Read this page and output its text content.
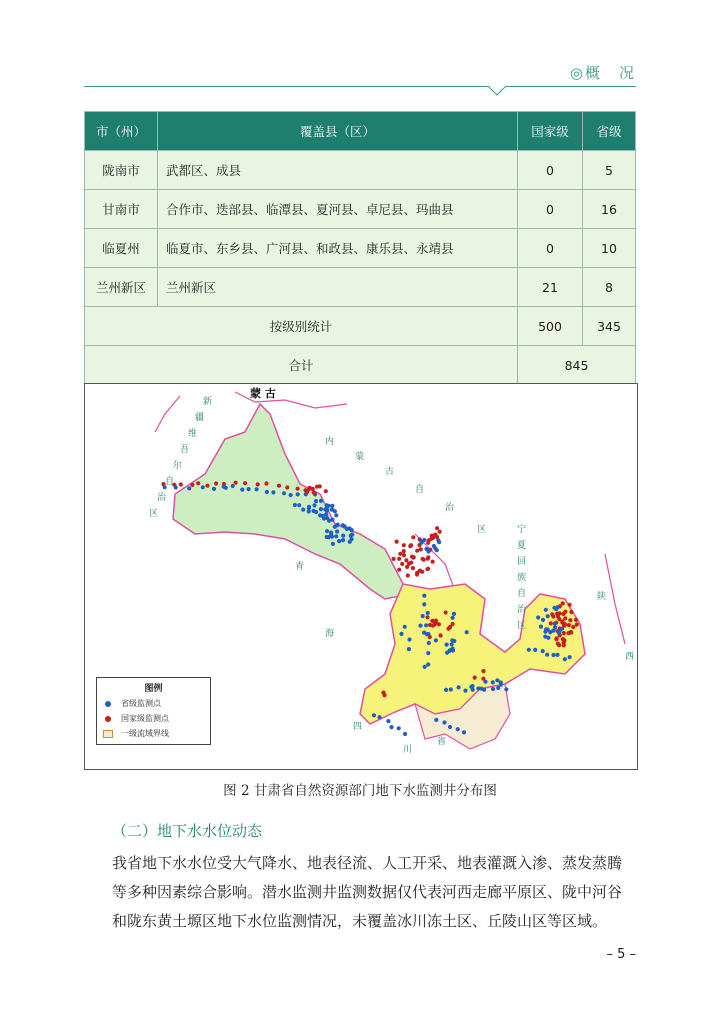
◎概　况
市（州）	覆盖县（区）	国家级	省级
陇南市	武都区、成县	0	5
甘南市	合作市、迭部县、临潭县、夏河县、卓尼县、玛曲县	0	16
临夏州	临夏市、东乡县、广河县、和政县、康乐县、永靖县	0	10
兰州新区	兰州新区	21	8
按级别统计		500	345
合计		845	
蒙 古
青
海
新
疆
维
吾
尔
自
治
区
内
蒙
古
自
治
区	宁
夏
回
族
自
治
区
陕
西
四
川
省
图例
省级监测点
国家级监测点
一级流域界线
图 2 甘肃省自然资源部门地下水监测井分布图
（二）地下水水位动态

我省地下水水位受大气降水、地表径流、人工开采、地表灌溉入渗、蒸发蒸腾等多种因素综合影响。潜水监测井监测数据仅代表河西走廊平原区、陇中河谷和陇东黄土塬区地下水位监测情况，未覆盖冰川冻土区、丘陵山区等区域。

– 5 –
